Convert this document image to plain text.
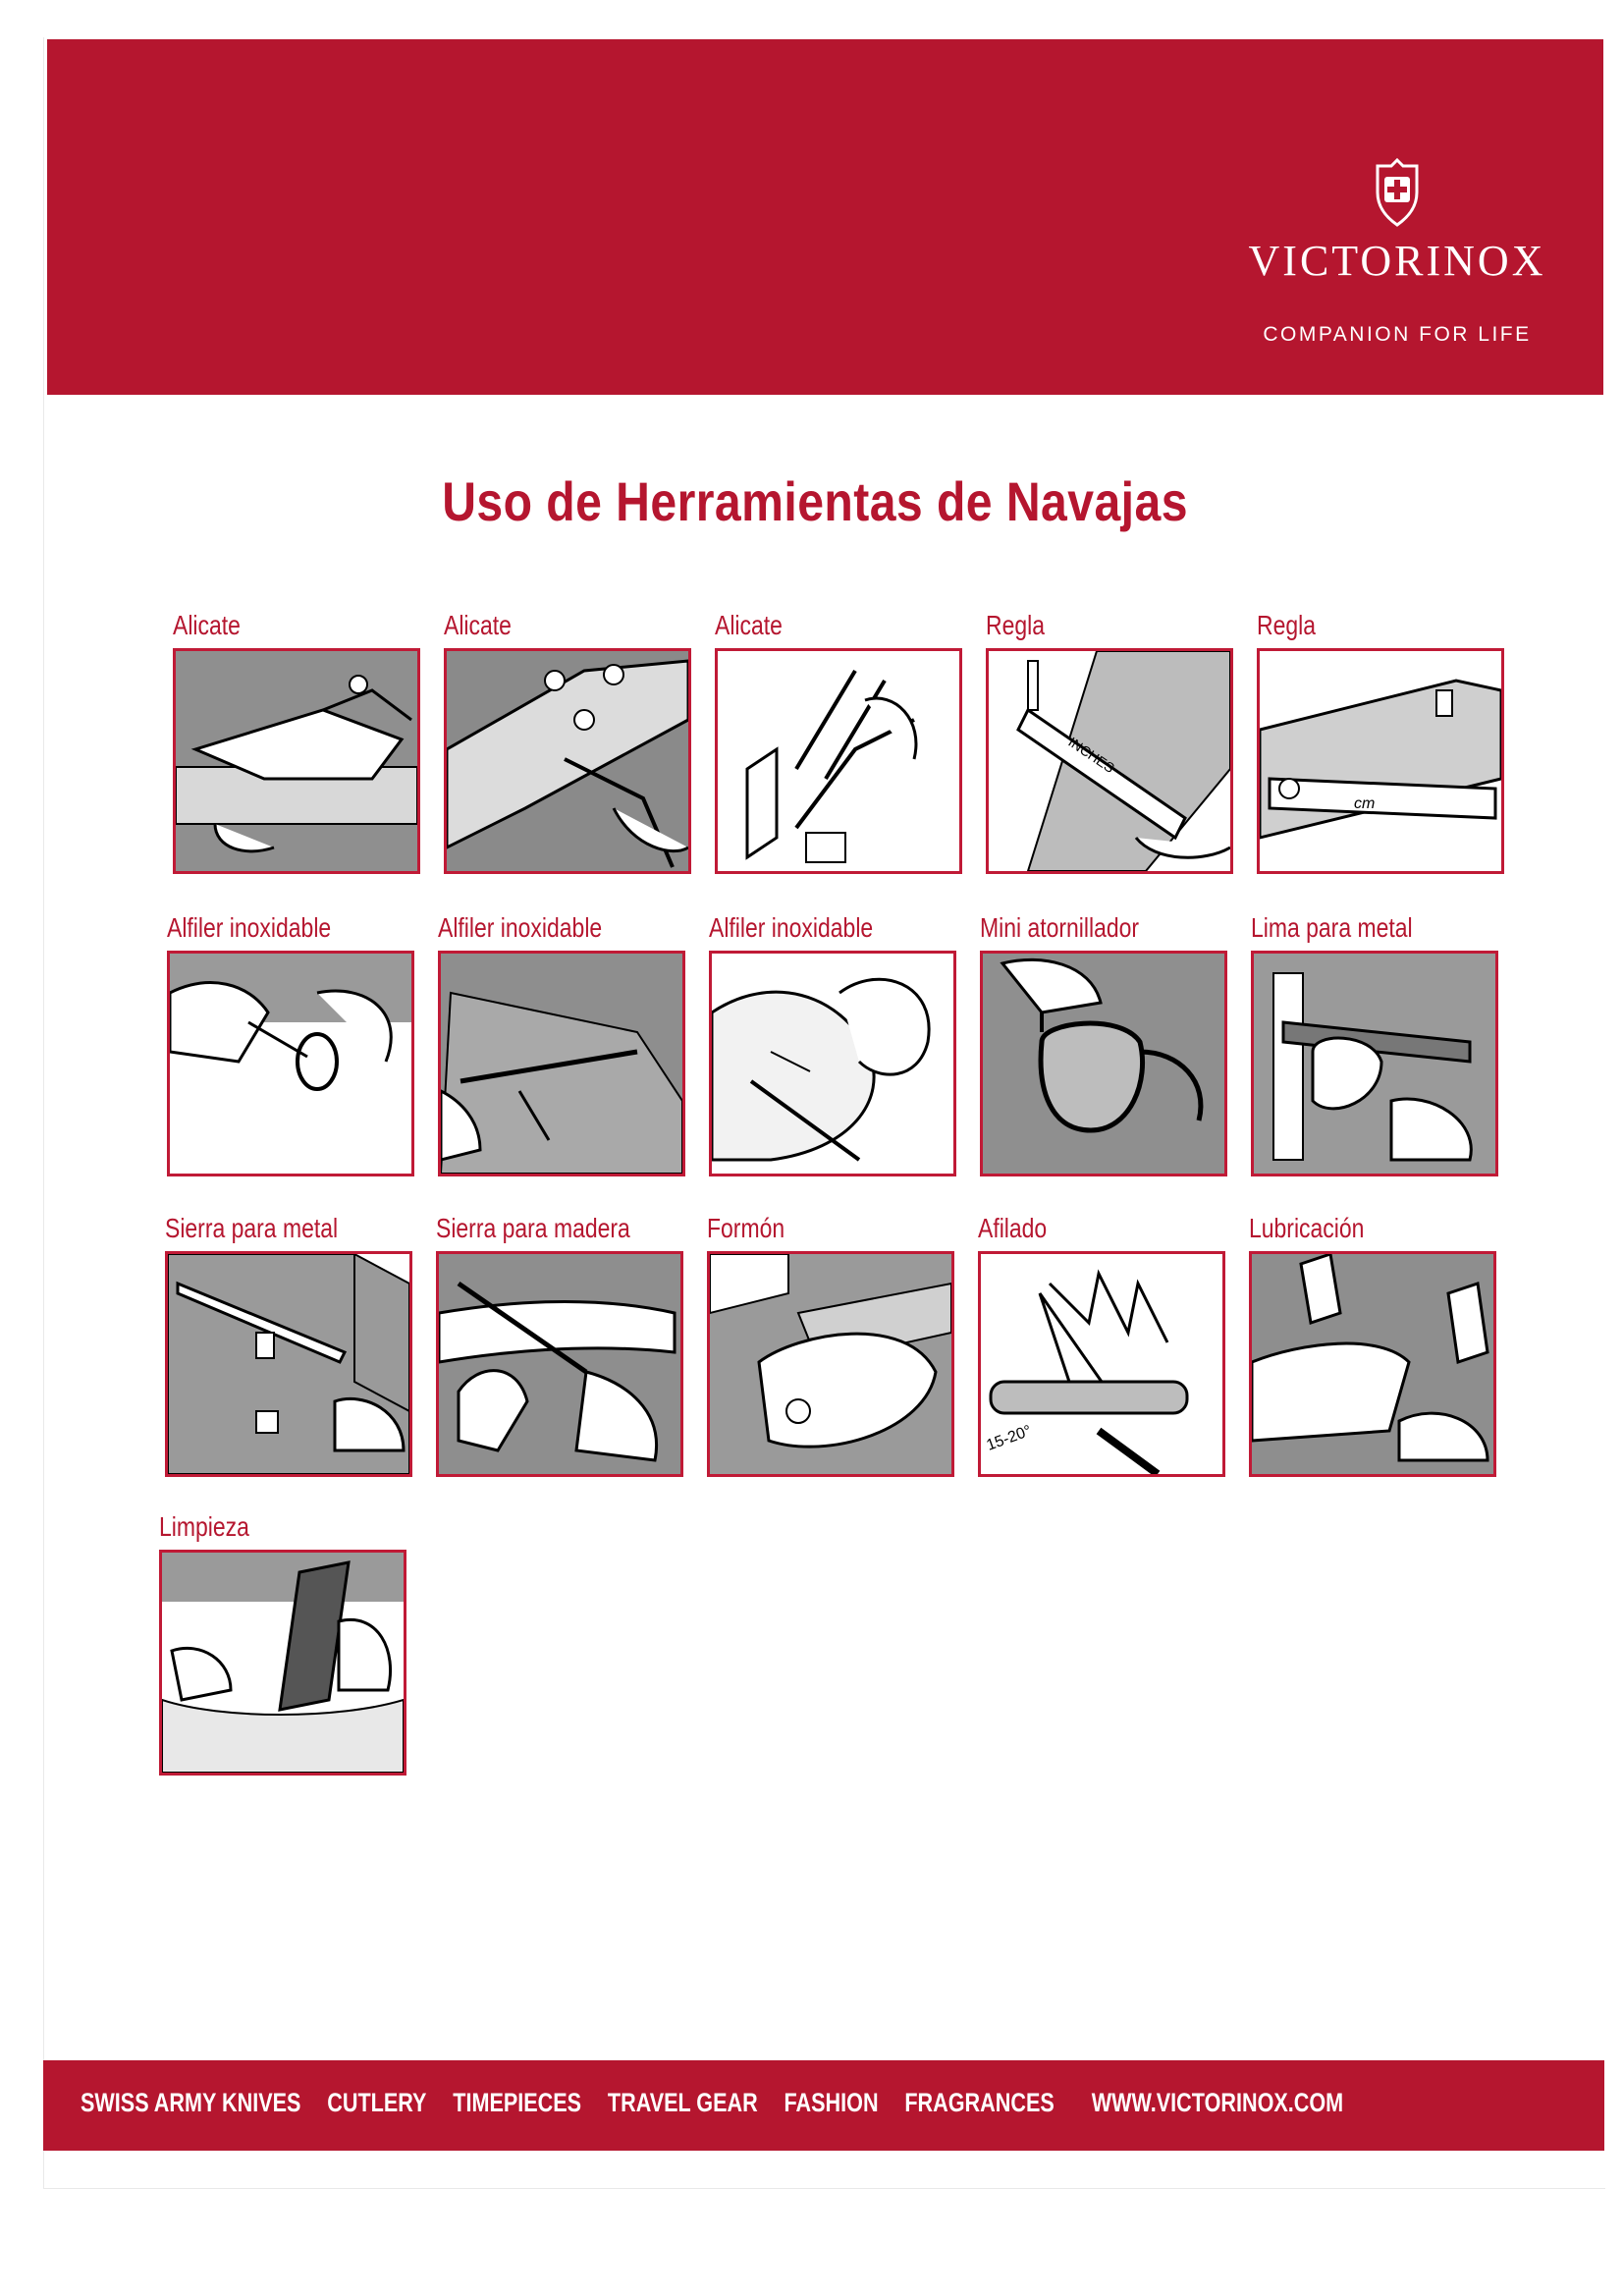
VICTORINOX
COMPANION FOR LIFE
Uso de Herramientas de Navajas
Alicate	Alicate	Alicate	Regla
INCHES
Regla
cm
Alfiler inoxidable	Alfiler inoxidable	Alfiler inoxidable	Mini atornillador	Lima para metal
Sierra para metal	Sierra para madera	Formón	Afilado
15-20°
Lubricación
Limpieza
SWISS ARMY KNIVES CUTLERY TIMEPIECES TRAVEL GEAR FASHION FRAGRANCES WWW.VICTORINOX.COM
